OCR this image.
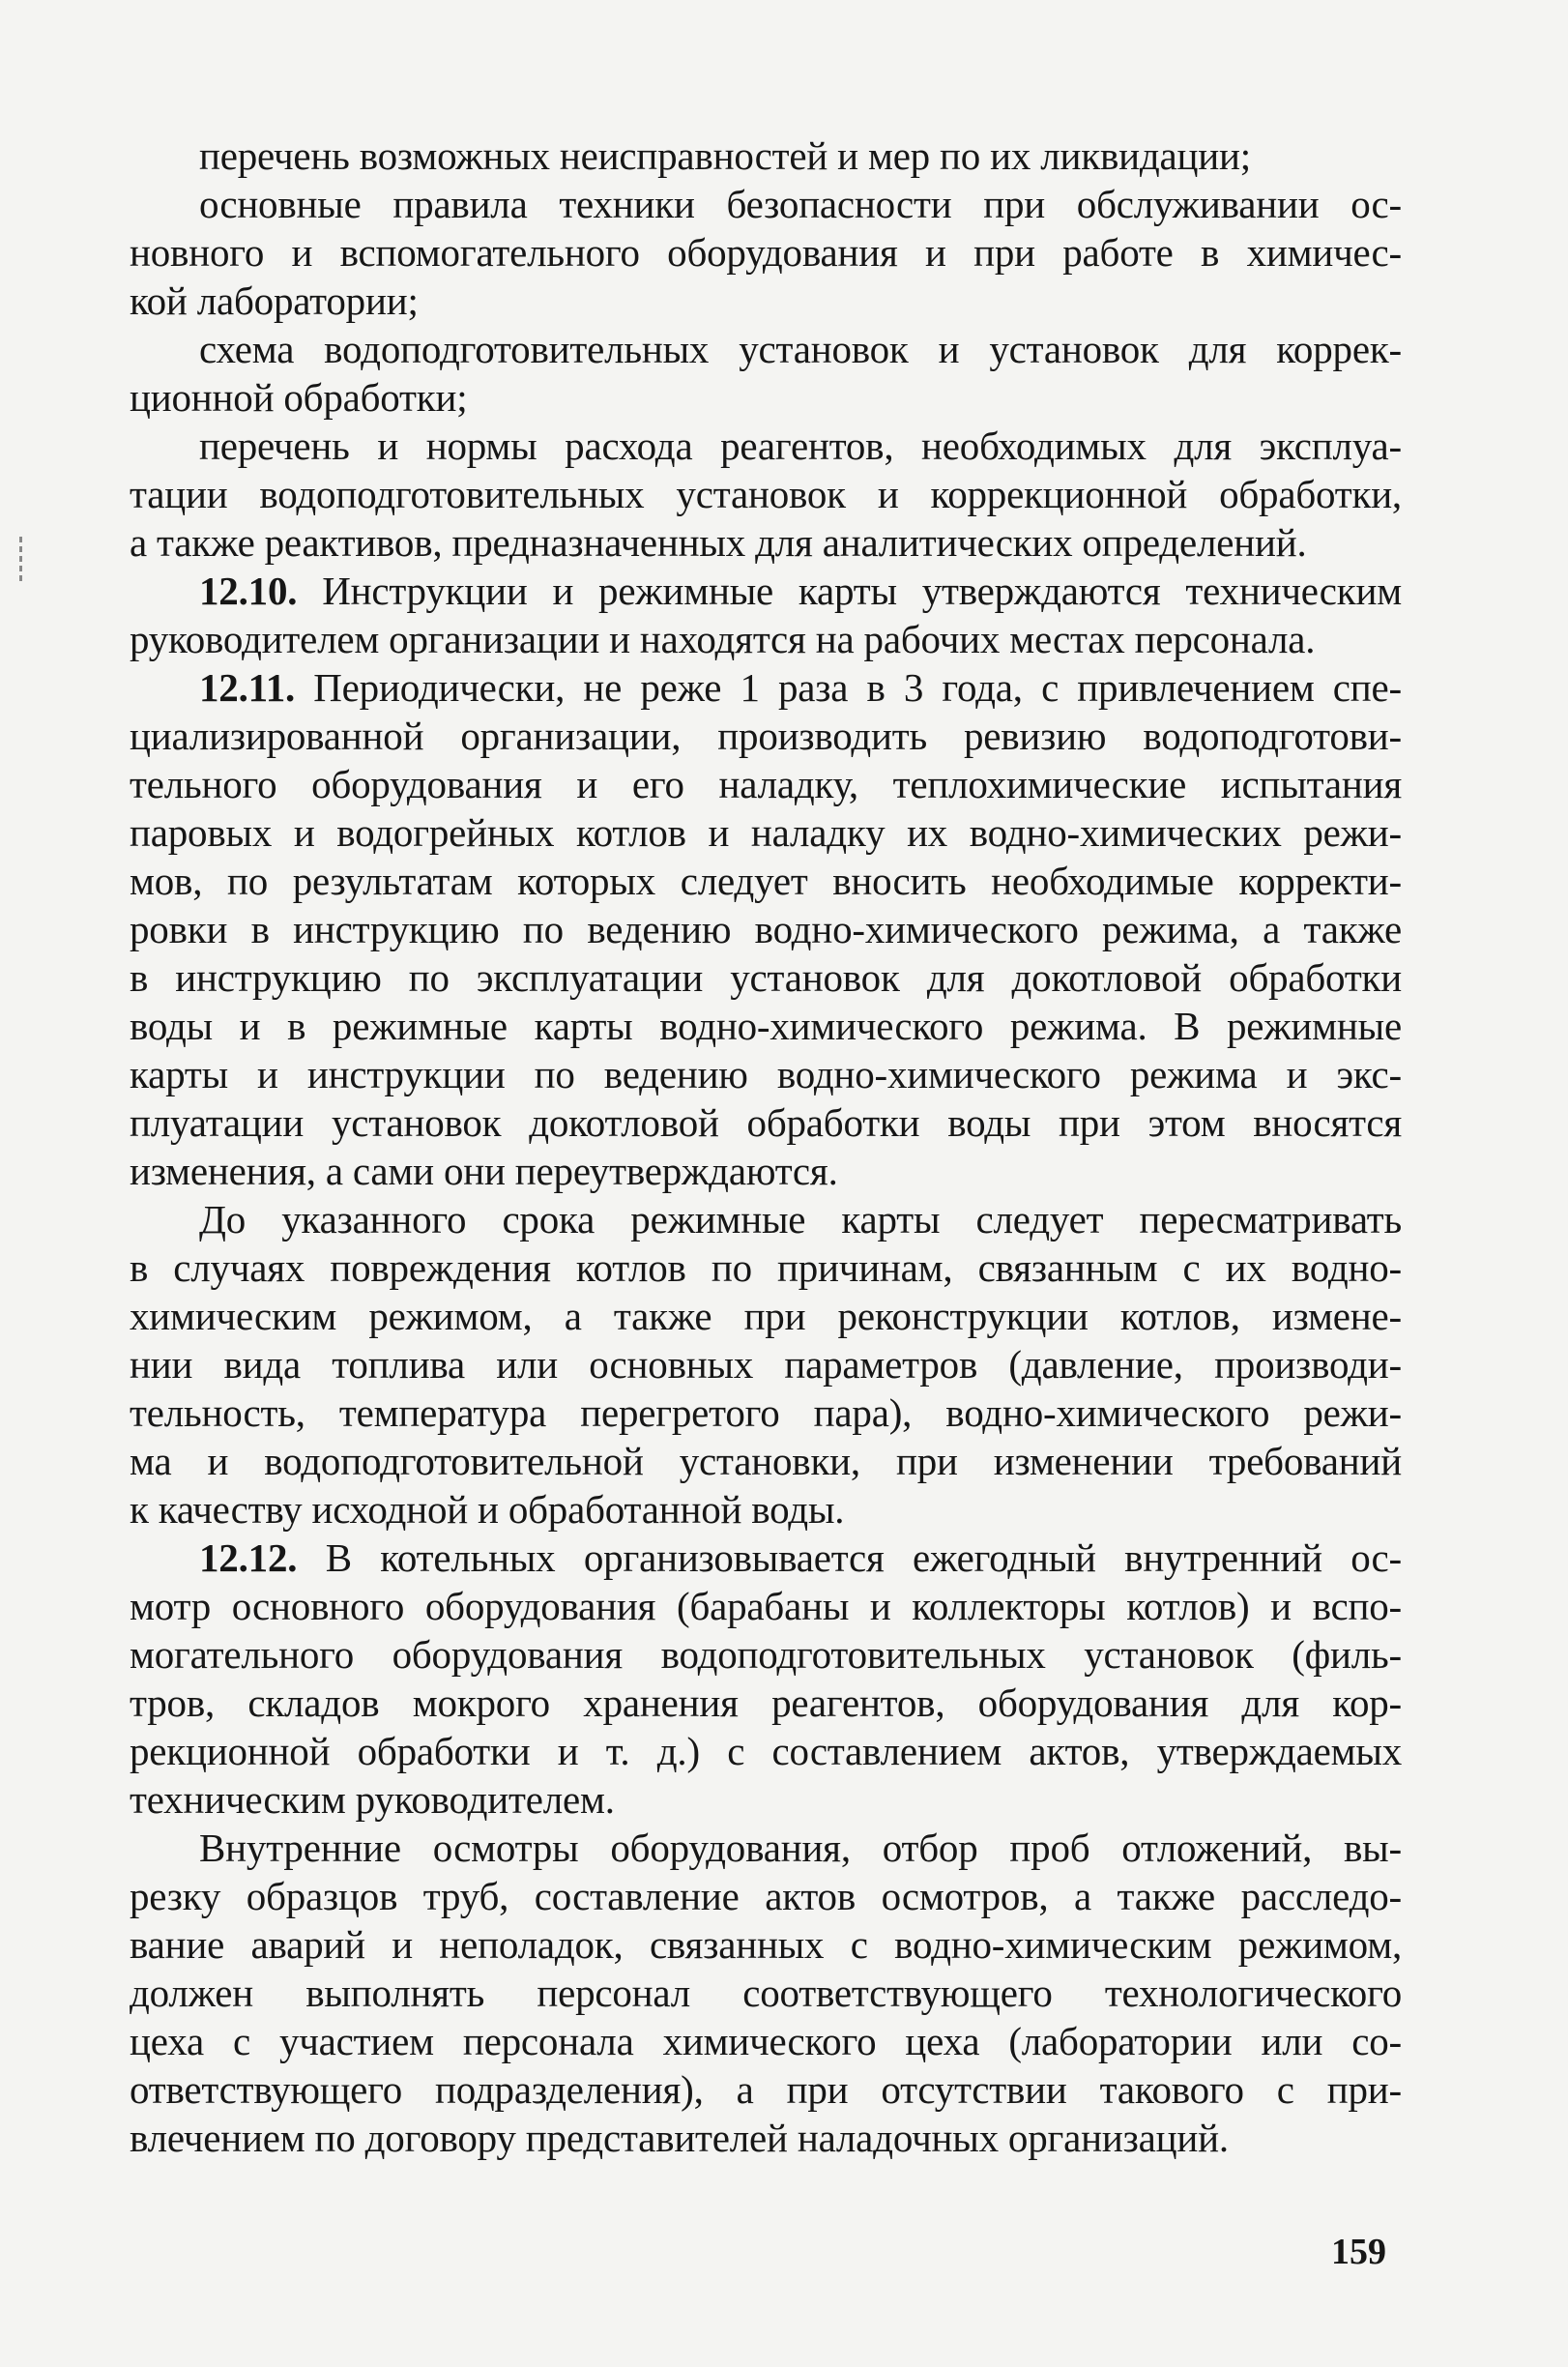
перечень возможных неисправностей и мер по их ликвидации;
основные правила техники безопасности при обслуживании ос-
новного и вспомогательного оборудования и при работе в химичес-
кой лаборатории;
схема водоподготовительных установок и установок для коррек-
ционной обработки;
перечень и нормы расхода реагентов, необходимых для эксплуа-
тации водоподготовительных установок и коррекционной обработки,
а также реактивов, предназначенных для аналитических определений.
12.10. Инструкции и режимные карты утверждаются техническим
руководителем организации и находятся на рабочих местах персонала.
12.11. Периодически, не реже 1 раза в 3 года, с привлечением спе-
циализированной организации, производить ревизию водоподготови-
тельного оборудования и его наладку, теплохимические испытания
паровых и водогрейных котлов и наладку их водно-химических режи-
мов, по результатам которых следует вносить необходимые корректи-
ровки в инструкцию по ведению водно-химического режима, а также
в инструкцию по эксплуатации установок для докотловой обработки
воды и в режимные карты водно-химического режима. В режимные
карты и инструкции по ведению водно-химического режима и экс-
плуатации установок докотловой обработки воды при этом вносятся
изменения, а сами они переутверждаются.
До указанного срока режимные карты следует пересматривать
в случаях повреждения котлов по причинам, связанным с их водно-
химическим режимом, а также при реконструкции котлов, измене-
нии вида топлива или основных параметров (давление, производи-
тельность, температура перегретого пара), водно-химического режи-
ма и водоподготовительной установки, при изменении требований
к качеству исходной и обработанной воды.
12.12. В котельных организовывается ежегодный внутренний ос-
мотр основного оборудования (барабаны и коллекторы котлов) и вспо-
могательного оборудования водоподготовительных установок (филь-
тров, складов мокрого хранения реагентов, оборудования для кор-
рекционной обработки и т. д.) с составлением актов, утверждаемых
техническим руководителем.
Внутренние осмотры оборудования, отбор проб отложений, вы-
резку образцов труб, составление актов осмотров, а также расследо-
вание аварий и неполадок, связанных с водно-химическим режимом,
должен выполнять персонал соответствующего технологического
цеха с участием персонала химического цеха (лаборатории или со-
ответствующего подразделения), а при отсутствии такового с при-
влечением по договору представителей наладочных организаций.
159
